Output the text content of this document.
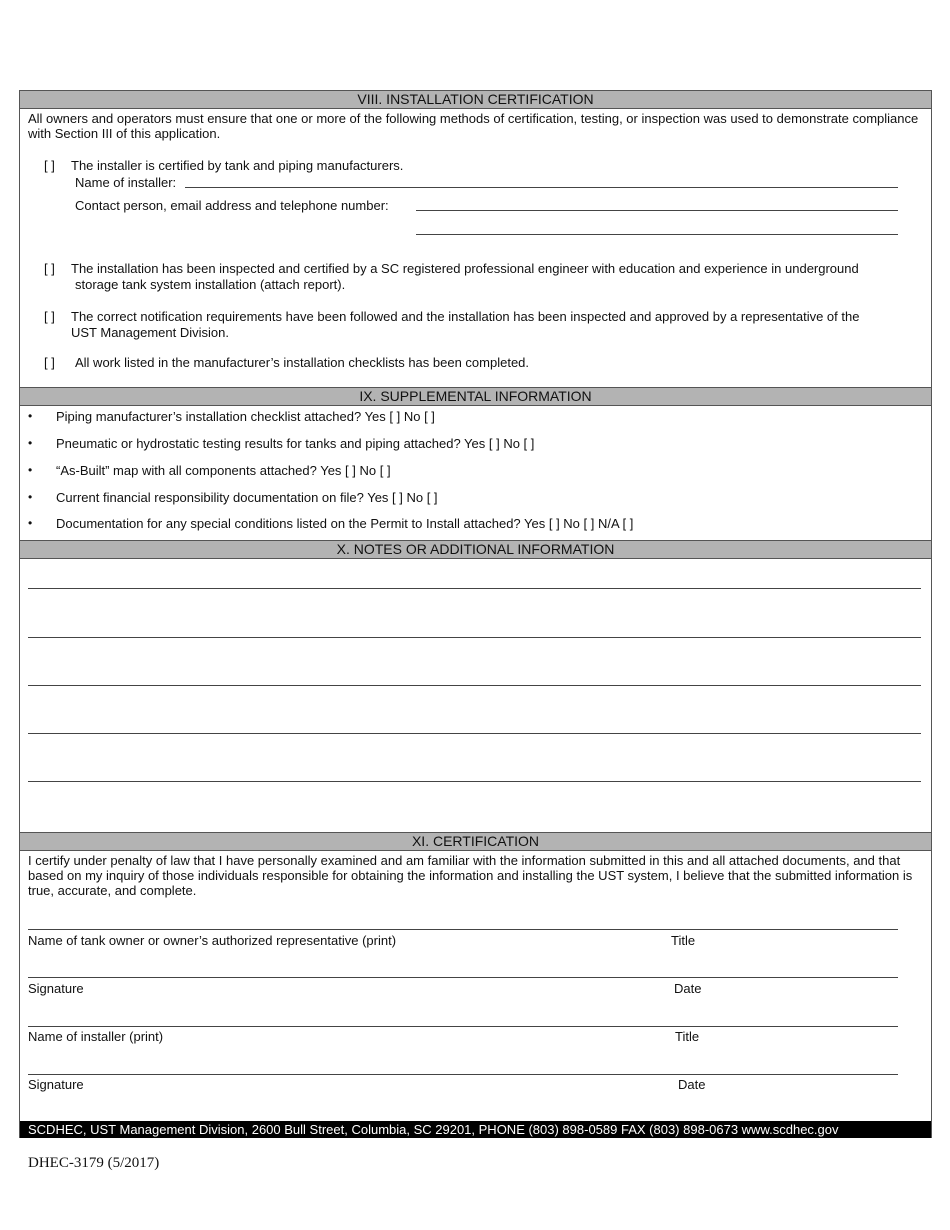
VIII. INSTALLATION CERTIFICATION
All owners and operators must ensure that one or more of the following methods of certification, testing, or inspection was used to demonstrate compliance with Section III of this application.
[ ] The installer is certified by tank and piping manufacturers.
Name of installer:
Contact person, email address and telephone number:
[ ] The installation has been inspected and certified by a SC registered professional engineer with education and experience in underground
storage tank system installation (attach report).
[ ] The correct notification requirements have been followed and the installation has been inspected and approved by a representative of the
UST Management Division.
[ ] All work listed in the manufacturer’s installation checklists has been completed.
IX. SUPPLEMENTAL INFORMATION
• Piping manufacturer’s installation checklist attached? Yes [ ] No [ ]
• Pneumatic or hydrostatic testing results for tanks and piping attached? Yes [ ] No [ ]
• “As-Built” map with all components attached? Yes [ ] No [ ]
• Current financial responsibility documentation on file? Yes [ ] No [ ]
• Documentation for any special conditions listed on the Permit to Install attached? Yes [ ] No [ ] N/A [ ]
X. NOTES OR ADDITIONAL INFORMATION
XI. CERTIFICATION
I certify under penalty of law that I have personally examined and am familiar with the information submitted in this and all attached documents, and that based on my inquiry of those individuals responsible for obtaining the information and installing the UST system, I believe that the submitted information is true, accurate, and complete.
Name of tank owner or owner’s authorized representative (print)	Title
Signature	Date
Name of installer (print)	Title
Signature	Date
SCDHEC, UST Management Division, 2600 Bull Street, Columbia, SC 29201, PHONE (803) 898-0589 FAX (803) 898-0673 www.scdhec.gov
DHEC-3179 (5/2017)
